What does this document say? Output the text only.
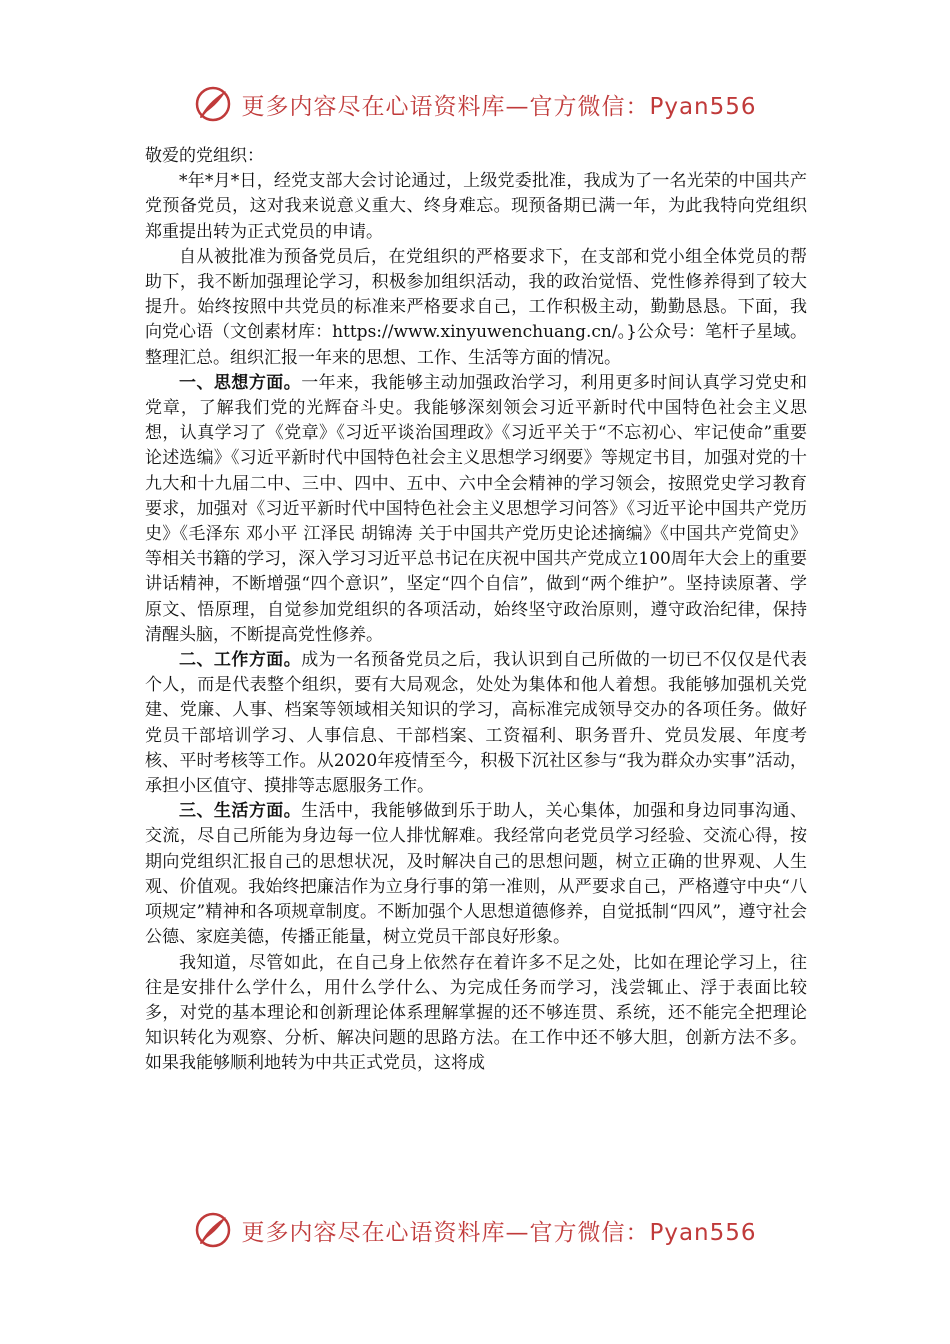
更多内容尽在心语资料库—官方微信：Pyan556

敬爱的党组织：

*年*月*日，经党支部大会讨论通过，上级党委批准，我成为了一名光荣的中国共产党预备党员，这对我来说意义重大、终身难忘。现预备期已满一年，为此我特向党组织郑重提出转为正式党员的申请。

自从被批准为预备党员后，在党组织的严格要求下，在支部和党小组全体党员的帮助下，我不断加强理论学习，积极参加组织活动，我的政治觉悟、党性修养得到了较大提升。始终按照中共党员的标准来严格要求自己，工作积极主动，勤勤恳恳。下面，我向党心语（文创素材库：https://www.xinyuwenchuang.cn/。}公众号：笔杆子星域。整理汇总。组织汇报一年来的思想、工作、生活等方面的情况。

一、思想方面。一年来，我能够主动加强政治学习，利用更多时间认真学习党史和党章，了解我们党的光辉奋斗史。我能够深刻领会习近平新时代中国特色社会主义思想，认真学习了《党章》《习近平谈治国理政》《习近平关于“不忘初心、牢记使命”重要论述选编》《习近平新时代中国特色社会主义思想学习纲要》等规定书目，加强对党的十九大和十九届二中、三中、四中、五中、六中全会精神的学习领会，按照党史学习教育要求，加强对《习近平新时代中国特色社会主义思想学习问答》《习近平论中国共产党历史》《毛泽东 邓小平 江泽民 胡锦涛 关于中国共产党历史论述摘编》《中国共产党简史》等相关书籍的学习，深入学习习近平总书记在庆祝中国共产党成立100周年大会上的重要讲话精神，不断增强“四个意识”，坚定“四个自信”，做到“两个维护”。坚持读原著、学原文、悟原理，自觉参加党组织的各项活动，始终坚守政治原则，遵守政治纪律，保持清醒头脑，不断提高党性修养。

二、工作方面。成为一名预备党员之后，我认识到自己所做的一切已不仅仅是代表个人，而是代表整个组织，要有大局观念，处处为集体和他人着想。我能够加强机关党建、党廉、人事、档案等领域相关知识的学习，高标准完成领导交办的各项任务。做好党员干部培训学习、人事信息、干部档案、工资福利、职务晋升、党员发展、年度考核、平时考核等工作。从2020年疫情至今，积极下沉社区参与“我为群众办实事”活动，承担小区值守、摸排等志愿服务工作。

三、生活方面。生活中，我能够做到乐于助人，关心集体，加强和身边同事沟通、交流，尽自己所能为身边每一位人排忧解难。我经常向老党员学习经验、交流心得，按期向党组织汇报自己的思想状况，及时解决自己的思想问题，树立正确的世界观、人生观、价值观。我始终把廉洁作为立身行事的第一准则，从严要求自己，严格遵守中央“八项规定”精神和各项规章制度。不断加强个人思想道德修养，自觉抵制“四风”，遵守社会公德、家庭美德，传播正能量，树立党员干部良好形象。

我知道，尽管如此，在自己身上依然存在着许多不足之处，比如在理论学习上，往往是安排什么学什么，用什么学什么、为完成任务而学习，浅尝辄止、浮于表面比较多，对党的基本理论和创新理论体系理解掌握的还不够连贯、系统，还不能完全把理论知识转化为观察、分析、解决问题的思路方法。在工作中还不够大胆，创新方法不多。如果我能够顺利地转为中共正式党员，这将成

更多内容尽在心语资料库—官方微信：Pyan556
